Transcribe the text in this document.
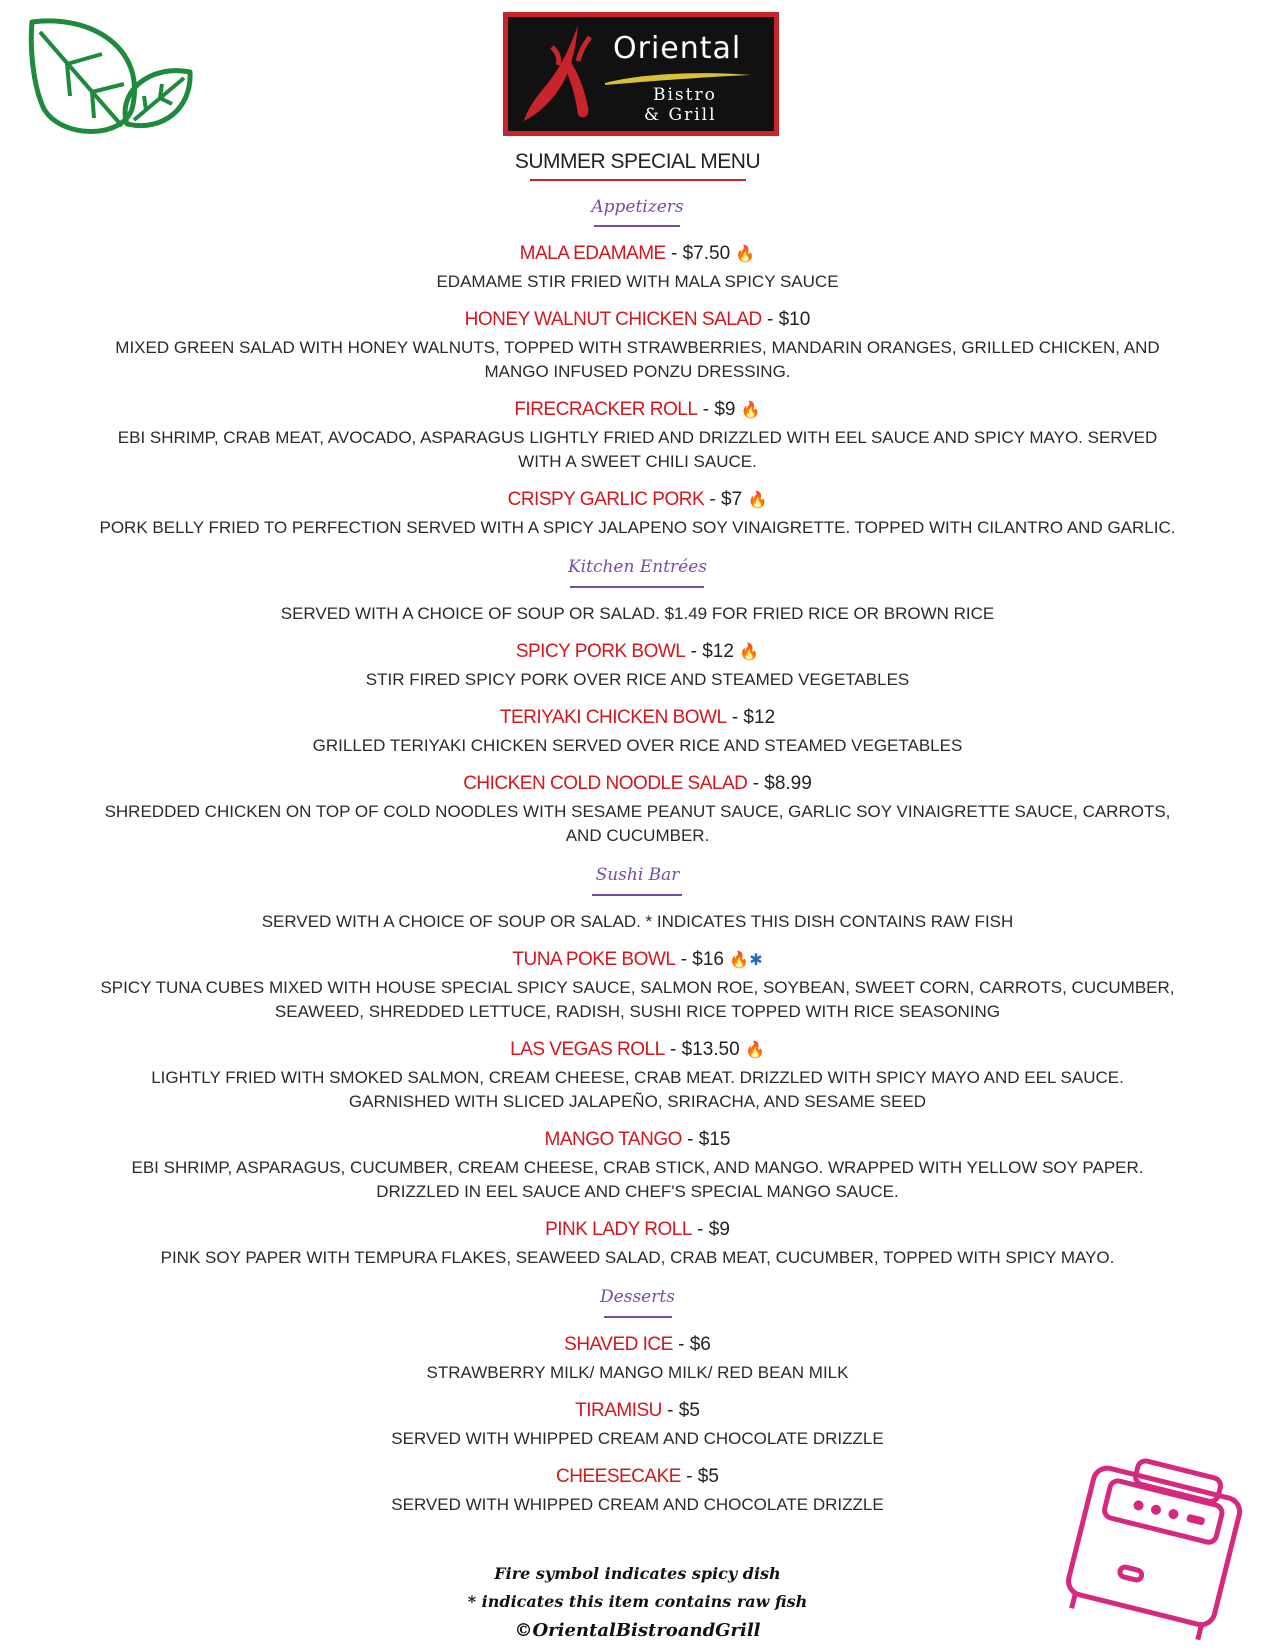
Oriental
Bistro
& Grill
SUMMER SPECIAL MENU
Appetizers
MALA EDAMAME - $7.50 🔥
EDAMAME STIR FRIED WITH MALA SPICY SAUCE
HONEY WALNUT CHICKEN SALAD - $10
MIXED GREEN SALAD WITH HONEY WALNUTS, TOPPED WITH STRAWBERRIES, MANDARIN ORANGES, GRILLED CHICKEN, AND
MANGO INFUSED PONZU DRESSING.
FIRECRACKER ROLL - $9 🔥
EBI SHRIMP, CRAB MEAT, AVOCADO, ASPARAGUS LIGHTLY FRIED AND DRIZZLED WITH EEL SAUCE AND SPICY MAYO. SERVED
WITH A SWEET CHILI SAUCE.
CRISPY GARLIC PORK - $7 🔥
PORK BELLY FRIED TO PERFECTION SERVED WITH A SPICY JALAPENO SOY VINAIGRETTE. TOPPED WITH CILANTRO AND GARLIC.
Kitchen Entrées
SERVED WITH A CHOICE OF SOUP OR SALAD. $1.49 FOR FRIED RICE OR BROWN RICE
SPICY PORK BOWL - $12 🔥
STIR FIRED SPICY PORK OVER RICE AND STEAMED VEGETABLES
TERIYAKI CHICKEN BOWL - $12
GRILLED TERIYAKI CHICKEN SERVED OVER RICE AND STEAMED VEGETABLES
CHICKEN COLD NOODLE SALAD - $8.99
SHREDDED CHICKEN ON TOP OF COLD NOODLES WITH SESAME PEANUT SAUCE, GARLIC SOY VINAIGRETTE SAUCE, CARROTS,
AND CUCUMBER.
Sushi Bar
SERVED WITH A CHOICE OF SOUP OR SALAD. * INDICATES THIS DISH CONTAINS RAW FISH
TUNA POKE BOWL - $16 🔥✱
SPICY TUNA CUBES MIXED WITH HOUSE SPECIAL SPICY SAUCE, SALMON ROE, SOYBEAN, SWEET CORN, CARROTS, CUCUMBER,
SEAWEED, SHREDDED LETTUCE, RADISH, SUSHI RICE TOPPED WITH RICE SEASONING
LAS VEGAS ROLL - $13.50 🔥
LIGHTLY FRIED WITH SMOKED SALMON, CREAM CHEESE, CRAB MEAT. DRIZZLED WITH SPICY MAYO AND EEL SAUCE.
GARNISHED WITH SLICED JALAPEÑO, SRIRACHA, AND SESAME SEED
MANGO TANGO - $15
EBI SHRIMP, ASPARAGUS, CUCUMBER, CREAM CHEESE, CRAB STICK, AND MANGO. WRAPPED WITH YELLOW SOY PAPER.
DRIZZLED IN EEL SAUCE AND CHEF'S SPECIAL MANGO SAUCE.
PINK LADY ROLL - $9
PINK SOY PAPER WITH TEMPURA FLAKES, SEAWEED SALAD, CRAB MEAT, CUCUMBER, TOPPED WITH SPICY MAYO.
Desserts
SHAVED ICE - $6
STRAWBERRY MILK/ MANGO MILK/ RED BEAN MILK
TIRAMISU - $5
SERVED WITH WHIPPED CREAM AND CHOCOLATE DRIZZLE
CHEESECAKE - $5
SERVED WITH WHIPPED CREAM AND CHOCOLATE DRIZZLE
Fire symbol indicates spicy dish
* indicates this item contains raw fish
©OrientalBistroandGrill
